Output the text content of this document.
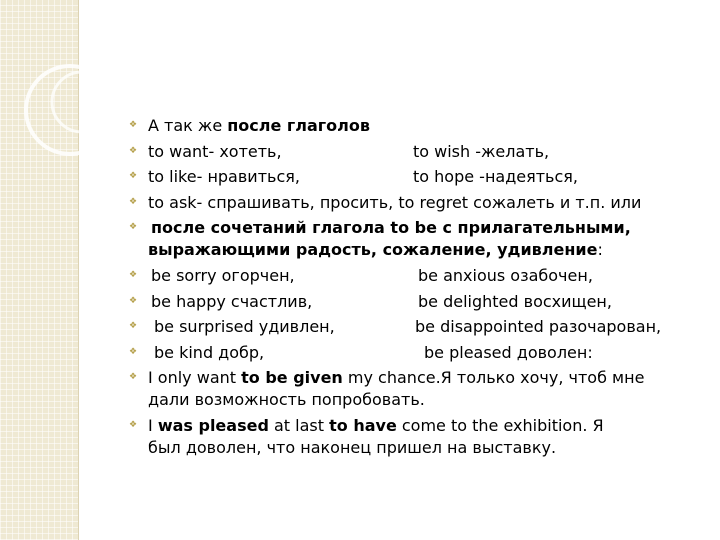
❖
А так же после глаголов
❖
to want- хотеть,	to wish -желать,
❖
to like- нравиться,	to hope -надеяться,
❖
to ask- спрашивать, просить, to regret сожалеть и т.п. или
❖
после сочетаний глагола to be с прилагательными,
выражающими радость, сожаление, удивление:
❖
be sorry огорчен,	be anxious озабочен,
❖
be happy счастлив,	be delighted восхищен,
❖
be surprised удивлен,	be disappointed разочарован,
❖
be kind добр,	be pleased доволен:
❖
I only want to be given my chance.Я только хочу, чтоб мне
дали возможность попробовать.
❖
I was pleased at last to have come to the exhibition. Я
был доволен, что наконец пришел на выставку.
